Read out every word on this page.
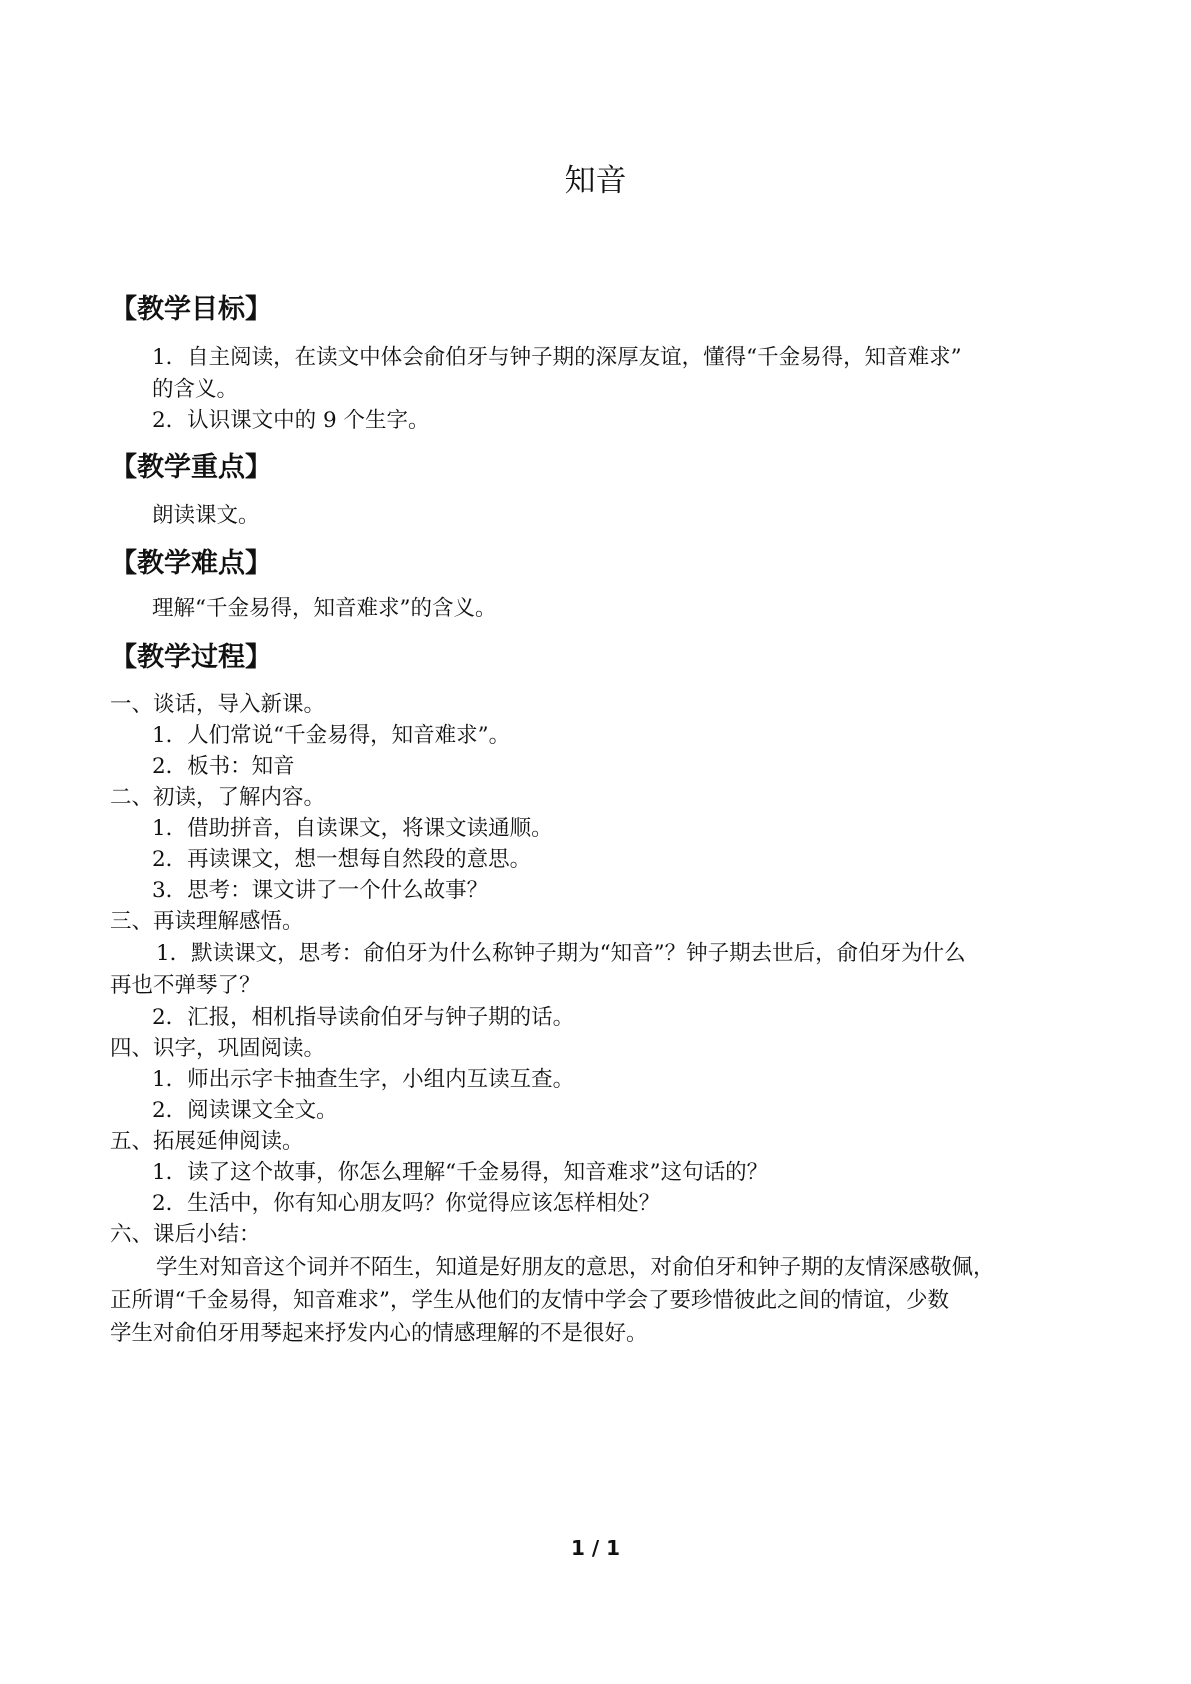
知音
【教学目标】
1．自主阅读，在读文中体会俞伯牙与钟子期的深厚友谊，懂得“千金易得，知音难求”
的含义。
2．认识课文中的 9 个生字。
【教学重点】
朗读课文。
【教学难点】
理解“千金易得，知音难求”的含义。
【教学过程】
一、谈话，导入新课。
1．人们常说“千金易得，知音难求”。
2．板书：知音
二、初读，了解内容。
1．借助拼音，自读课文，将课文读通顺。
2．再读课文，想一想每自然段的意思。
3．思考：课文讲了一个什么故事？
三、再读理解感悟。
1．默读课文，思考：俞伯牙为什么称钟子期为“知音”？钟子期去世后，俞伯牙为什么
再也不弹琴了？
2．汇报，相机指导读俞伯牙与钟子期的话。
四、识字，巩固阅读。
1．师出示字卡抽查生字，小组内互读互查。
2．阅读课文全文。
五、拓展延伸阅读。
1．读了这个故事，你怎么理解“千金易得，知音难求”这句话的？
2．生活中，你有知心朋友吗？你觉得应该怎样相处？
六、课后小结：
学生对知音这个词并不陌生，知道是好朋友的意思，对俞伯牙和钟子期的友情深感敬佩，
正所谓“千金易得，知音难求”，学生从他们的友情中学会了要珍惜彼此之间的情谊，少数
学生对俞伯牙用琴起来抒发内心的情感理解的不是很好。
1 / 1
